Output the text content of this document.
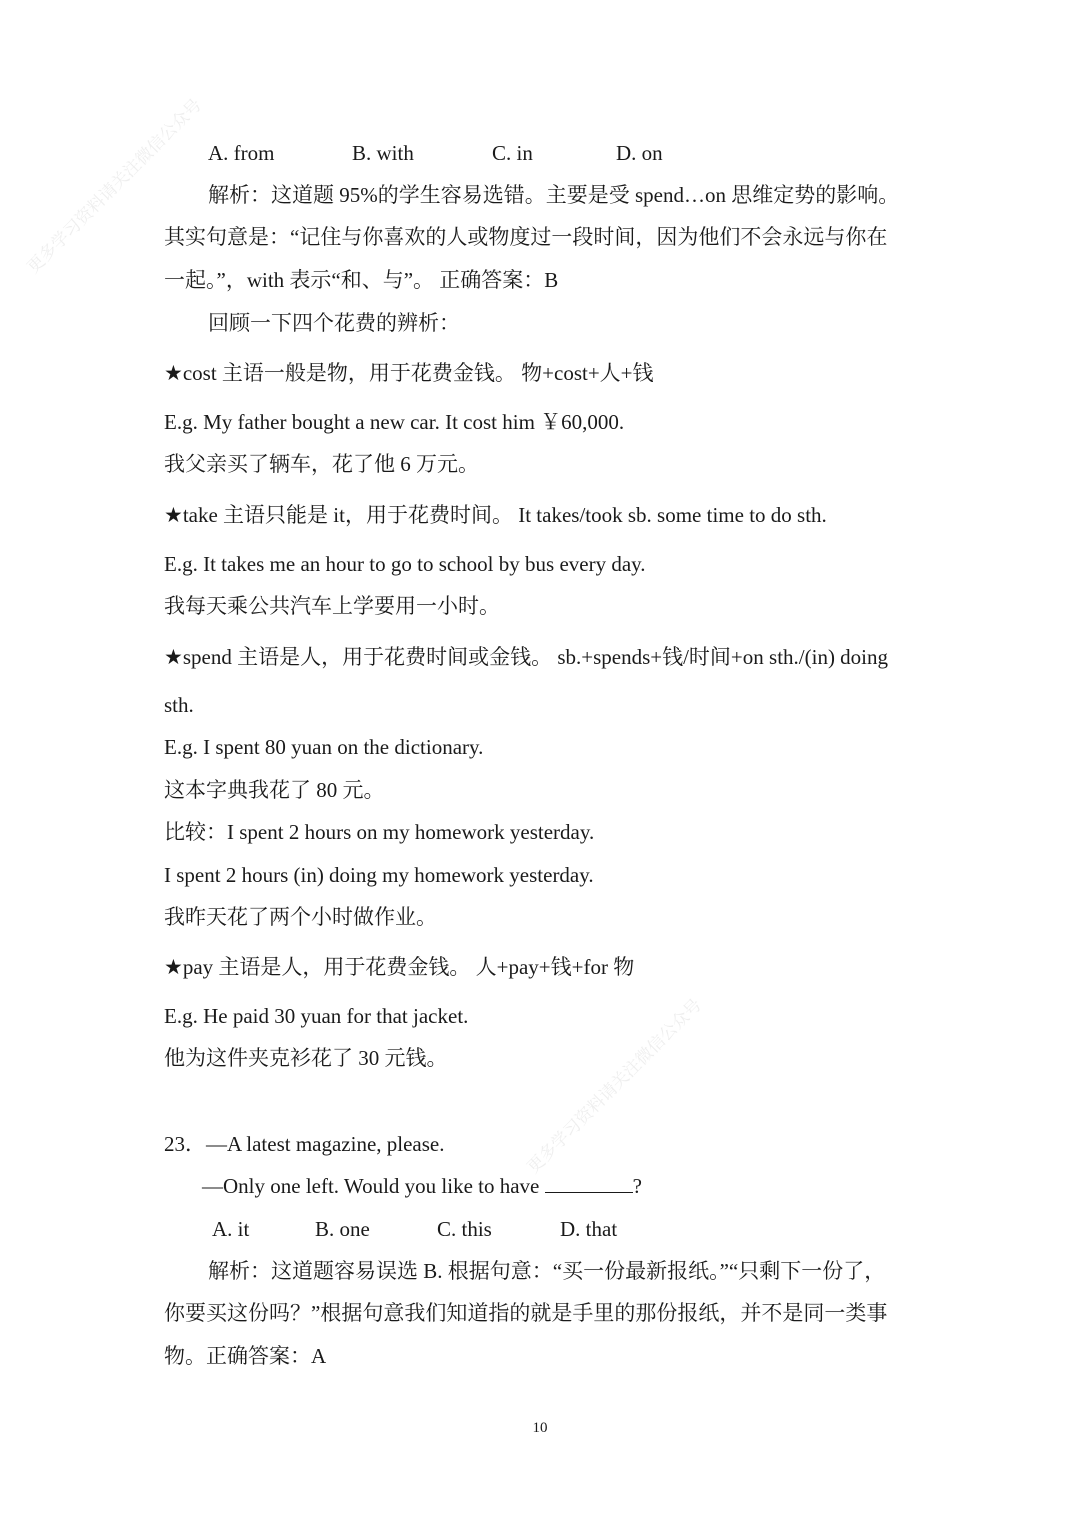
更多学习资料请关注微信公众号
更多学习资料请关注微信公众号
A. from	B. with	C. in	D. on
解析：这道题 95%的学生容易选错。主要是受 spend…on 思维定势的影响。
其实句意是：“记住与你喜欢的人或物度过一段时间，因为他们不会永远与你在
一起。”，with 表示“和、与”。 正确答案：B
回顾一下四个花费的辨析：
★cost 主语一般是物，用于花费金钱。 物+cost+人+钱
E.g. My father bought a new car. It cost him ￥60,000.
我父亲买了辆车，花了他 6 万元。
★take 主语只能是 it，用于花费时间。 It takes/took sb. some time to do sth.
E.g. It takes me an hour to go to school by bus every day.
我每天乘公共汽车上学要用一小时。
★spend 主语是人，用于花费时间或金钱。 sb.+spends+钱/时间+on sth./(in) doing
sth.
E.g. I spent 80 yuan on the dictionary.
这本字典我花了 80 元。
比较：I spent 2 hours on my homework yesterday.
I spent 2 hours (in) doing my homework yesterday.
我昨天花了两个小时做作业。
★pay 主语是人，用于花费金钱。 人+pay+钱+for 物
E.g. He paid 30 yuan for that jacket.
他为这件夹克衫花了 30 元钱。
23．—A latest magazine, please.
—Only one left. Would you like to have	?
A. it	B. one	C. this	D. that
解析：这道题容易误选 B. 根据句意：“买一份最新报纸。”“只剩下一份了，
你要买这份吗？”根据句意我们知道指的就是手里的那份报纸，并不是同一类事
物。正确答案：A
10
